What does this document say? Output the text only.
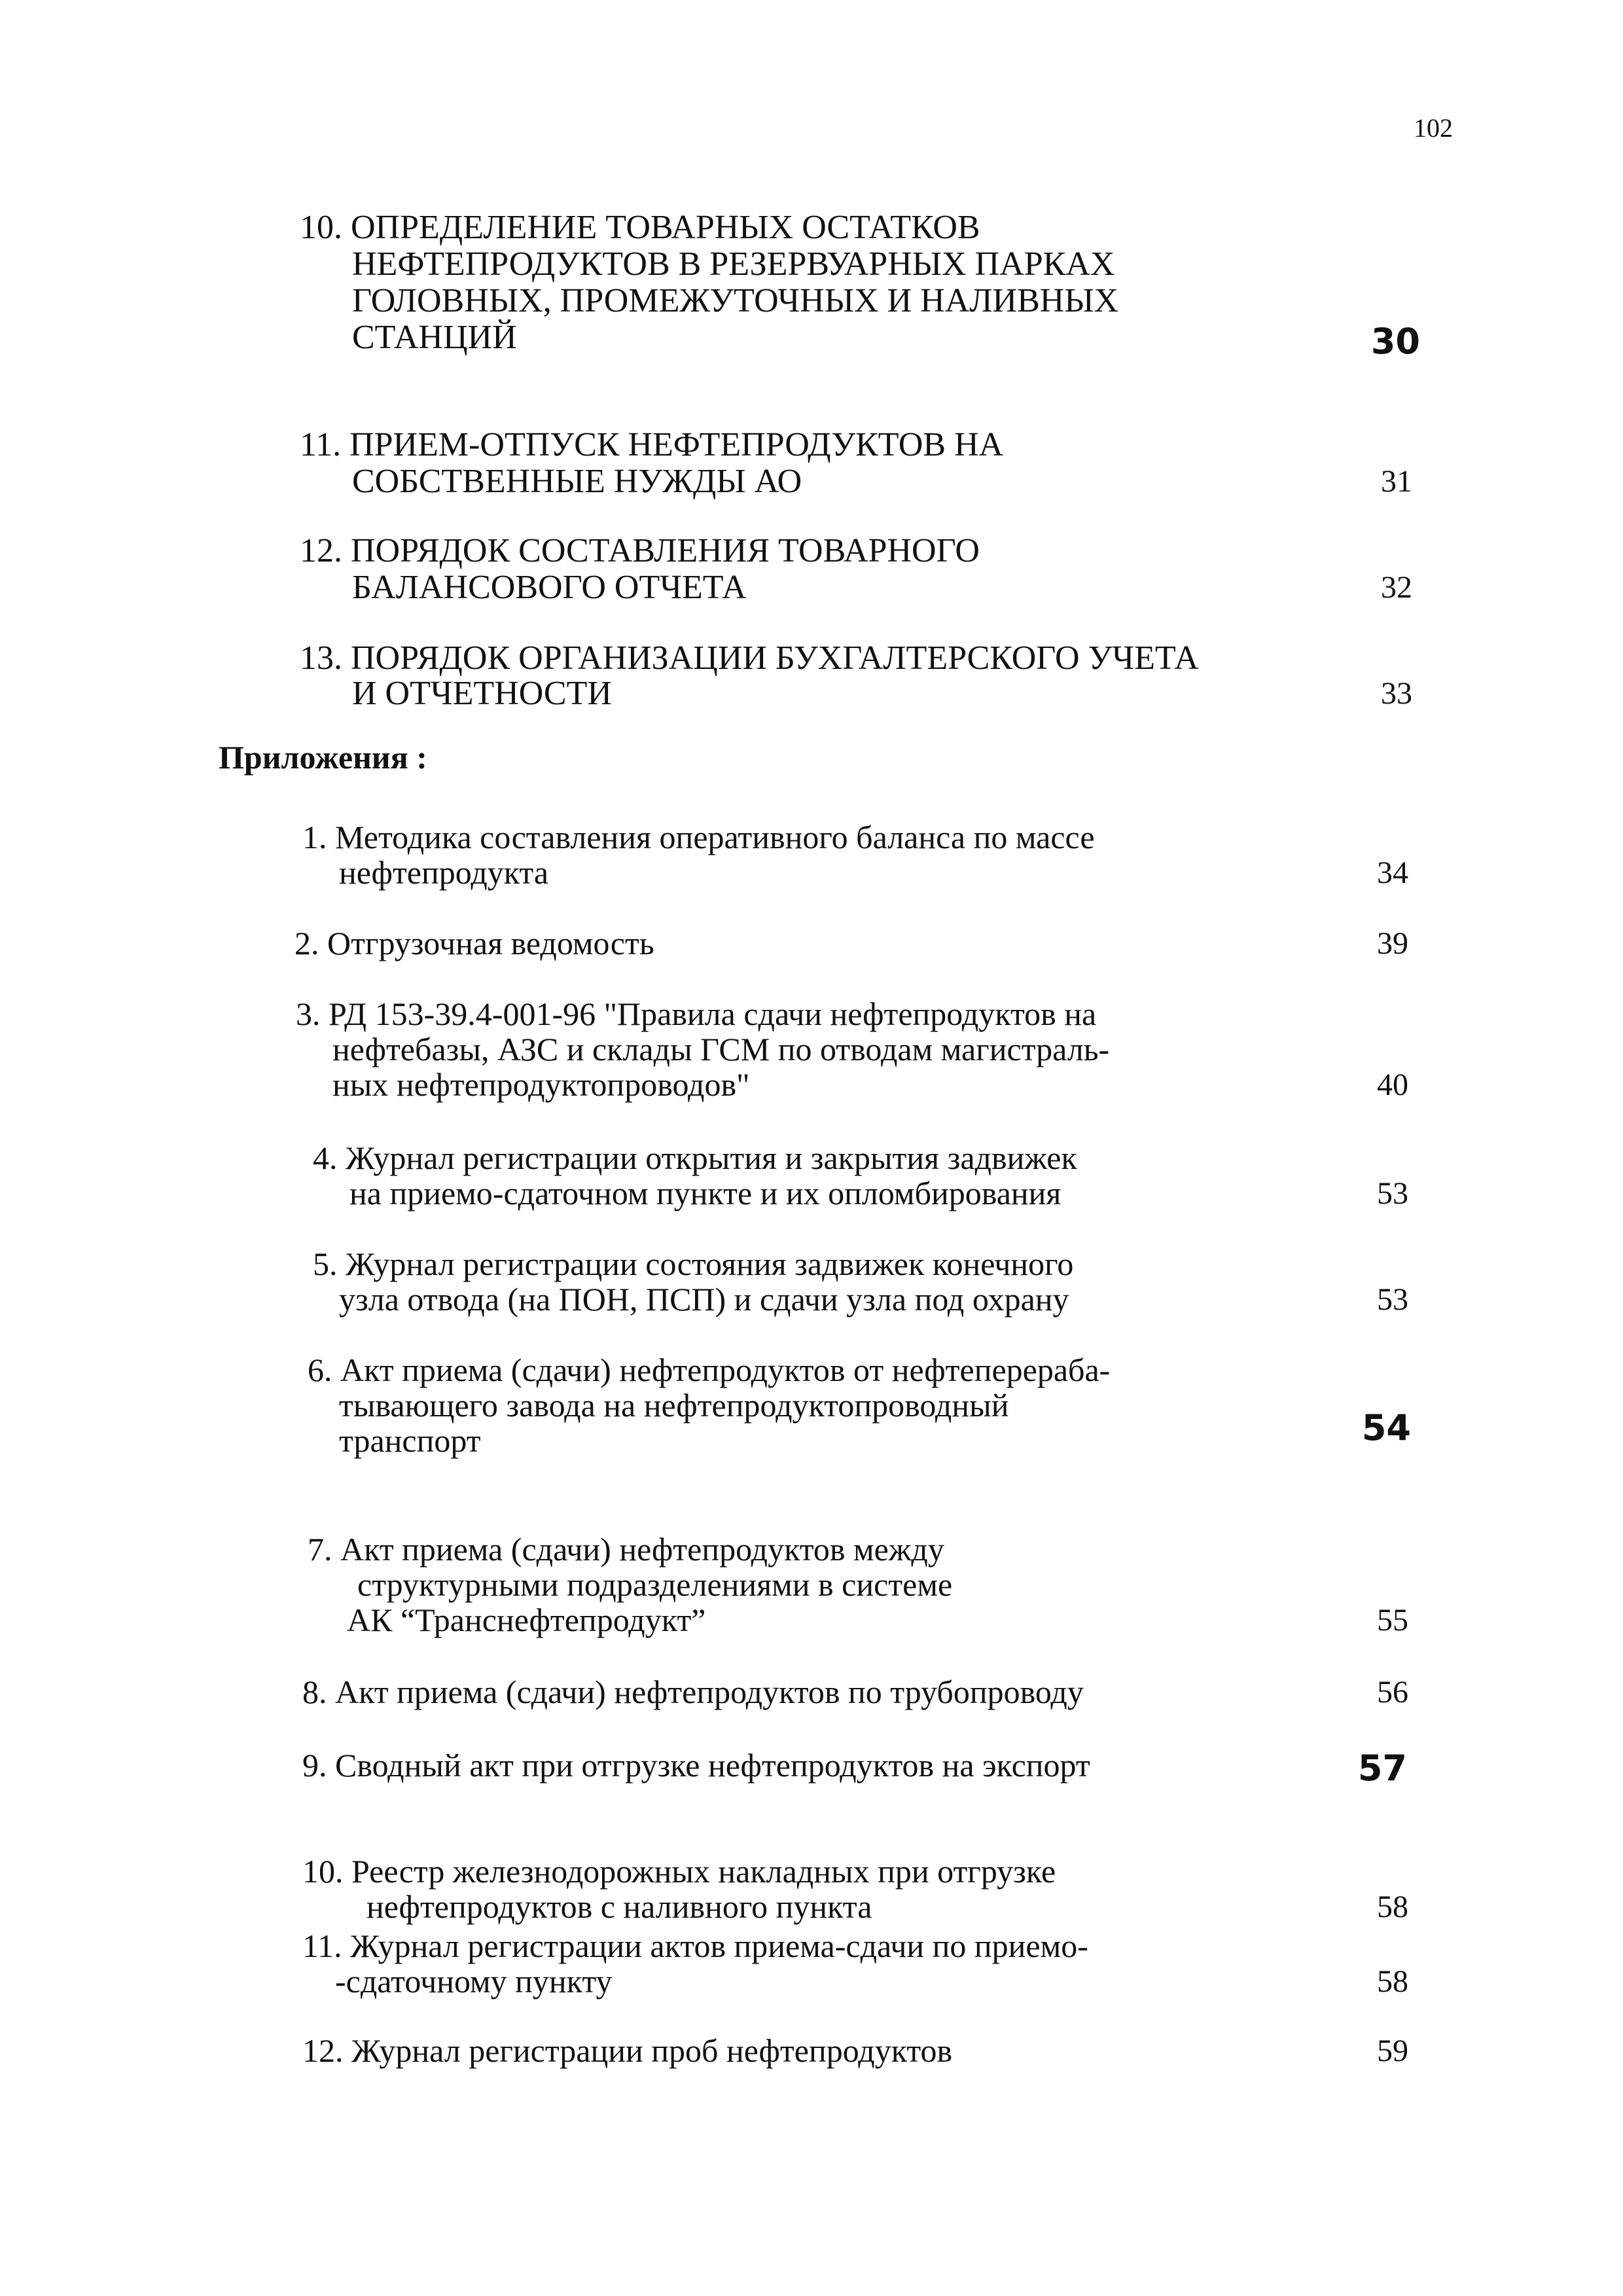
102
10. ОПРЕДЕЛЕНИЕ ТОВАРНЫХ ОСТАТКОВ
НЕФТЕПРОДУКТОВ В РЕЗЕРВУАРНЫХ ПАРКАХ
ГОЛОВНЫХ, ПРОМЕЖУТОЧНЫХ И НАЛИВНЫХ
СТАНЦИЙ	30
11. ПРИЕМ-ОТПУСК НЕФТЕПРОДУКТОВ НА
СОБСТВЕННЫЕ НУЖДЫ АО	31
12. ПОРЯДОК СОСТАВЛЕНИЯ ТОВАРНОГО
БАЛАНСОВОГО ОТЧЕТА	32
13. ПОРЯДОК ОРГАНИЗАЦИИ БУХГАЛТЕРСКОГО УЧЕТА
И ОТЧЕТНОСТИ	33
Приложения :
1. Методика составления оперативного баланса по массе
нефтепродукта	34
2. Отгрузочная ведомость	39
3. РД 153-39.4-001-96 "Правила сдачи нефтепродуктов на
нефтебазы, АЗС и склады ГСМ по отводам магистраль-
ных нефтепродуктопроводов"	40
4. Журнал регистрации открытия и закрытия задвижек
на приемо-сдаточном пункте и их опломбирования	53
5. Журнал регистрации состояния задвижек конечного
узла отвода (на ПОН, ПСП) и сдачи узла под охрану	53
6. Акт приема (сдачи) нефтепродуктов от нефтеперераба-
тывающего завода на нефтепродуктопроводный
транспорт	54
7. Акт приема (сдачи) нефтепродуктов между
структурными подразделениями в системе
АК “Транснефтепродукт”	55
8. Акт приема (сдачи) нефтепродуктов по трубопроводу	56
9. Сводный акт при отгрузке нефтепродуктов на экспорт	57
10. Реестр железнодорожных накладных при отгрузке
нефтепродуктов с наливного пункта	58
11. Журнал регистрации актов приема-сдачи по приемо-
-сдаточному пункту	58
12. Журнал регистрации проб нефтепродуктов	59
